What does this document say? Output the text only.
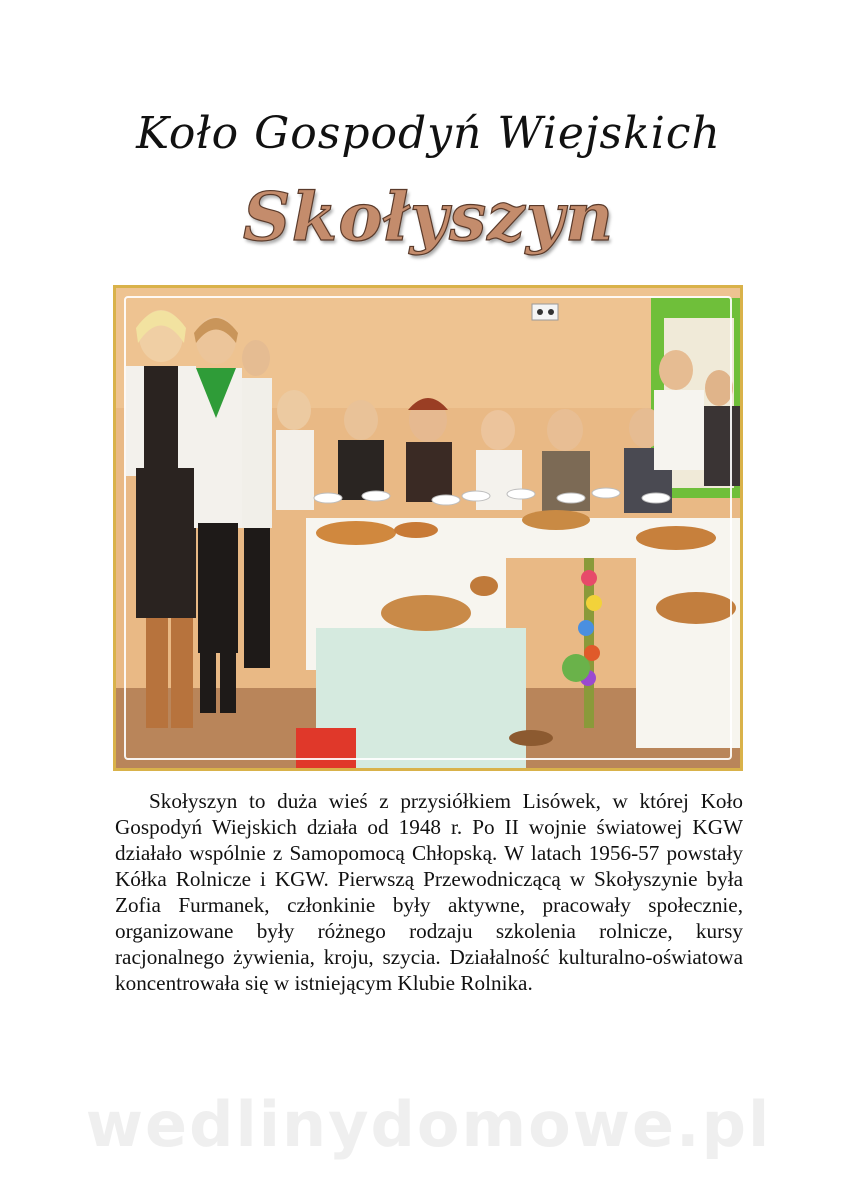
Koło Gospodyń Wiejskich
Skołyszyn

Skołyszyn to duża wieś z przysiółkiem Lisówek, w której Koło Gospodyń Wiejskich działa od 1948 r. Po II wojnie światowej KGW działało wspólnie z Samopomocą Chłopską. W latach 1956-57 powstały Kółka Rolnicze i KGW. Pierwszą Przewodniczącą w Skołyszynie była Zofia Furmanek, członkinie były aktywne, pracowały społecznie, organizowane były różnego rodzaju szkolenia rolnicze, kursy racjonalnego żywienia, kroju, szycia. Działalność kulturalno-oświatowa koncentrowała się w istniejącym Klubie Rolnika.

wedlinydomowe.pl
